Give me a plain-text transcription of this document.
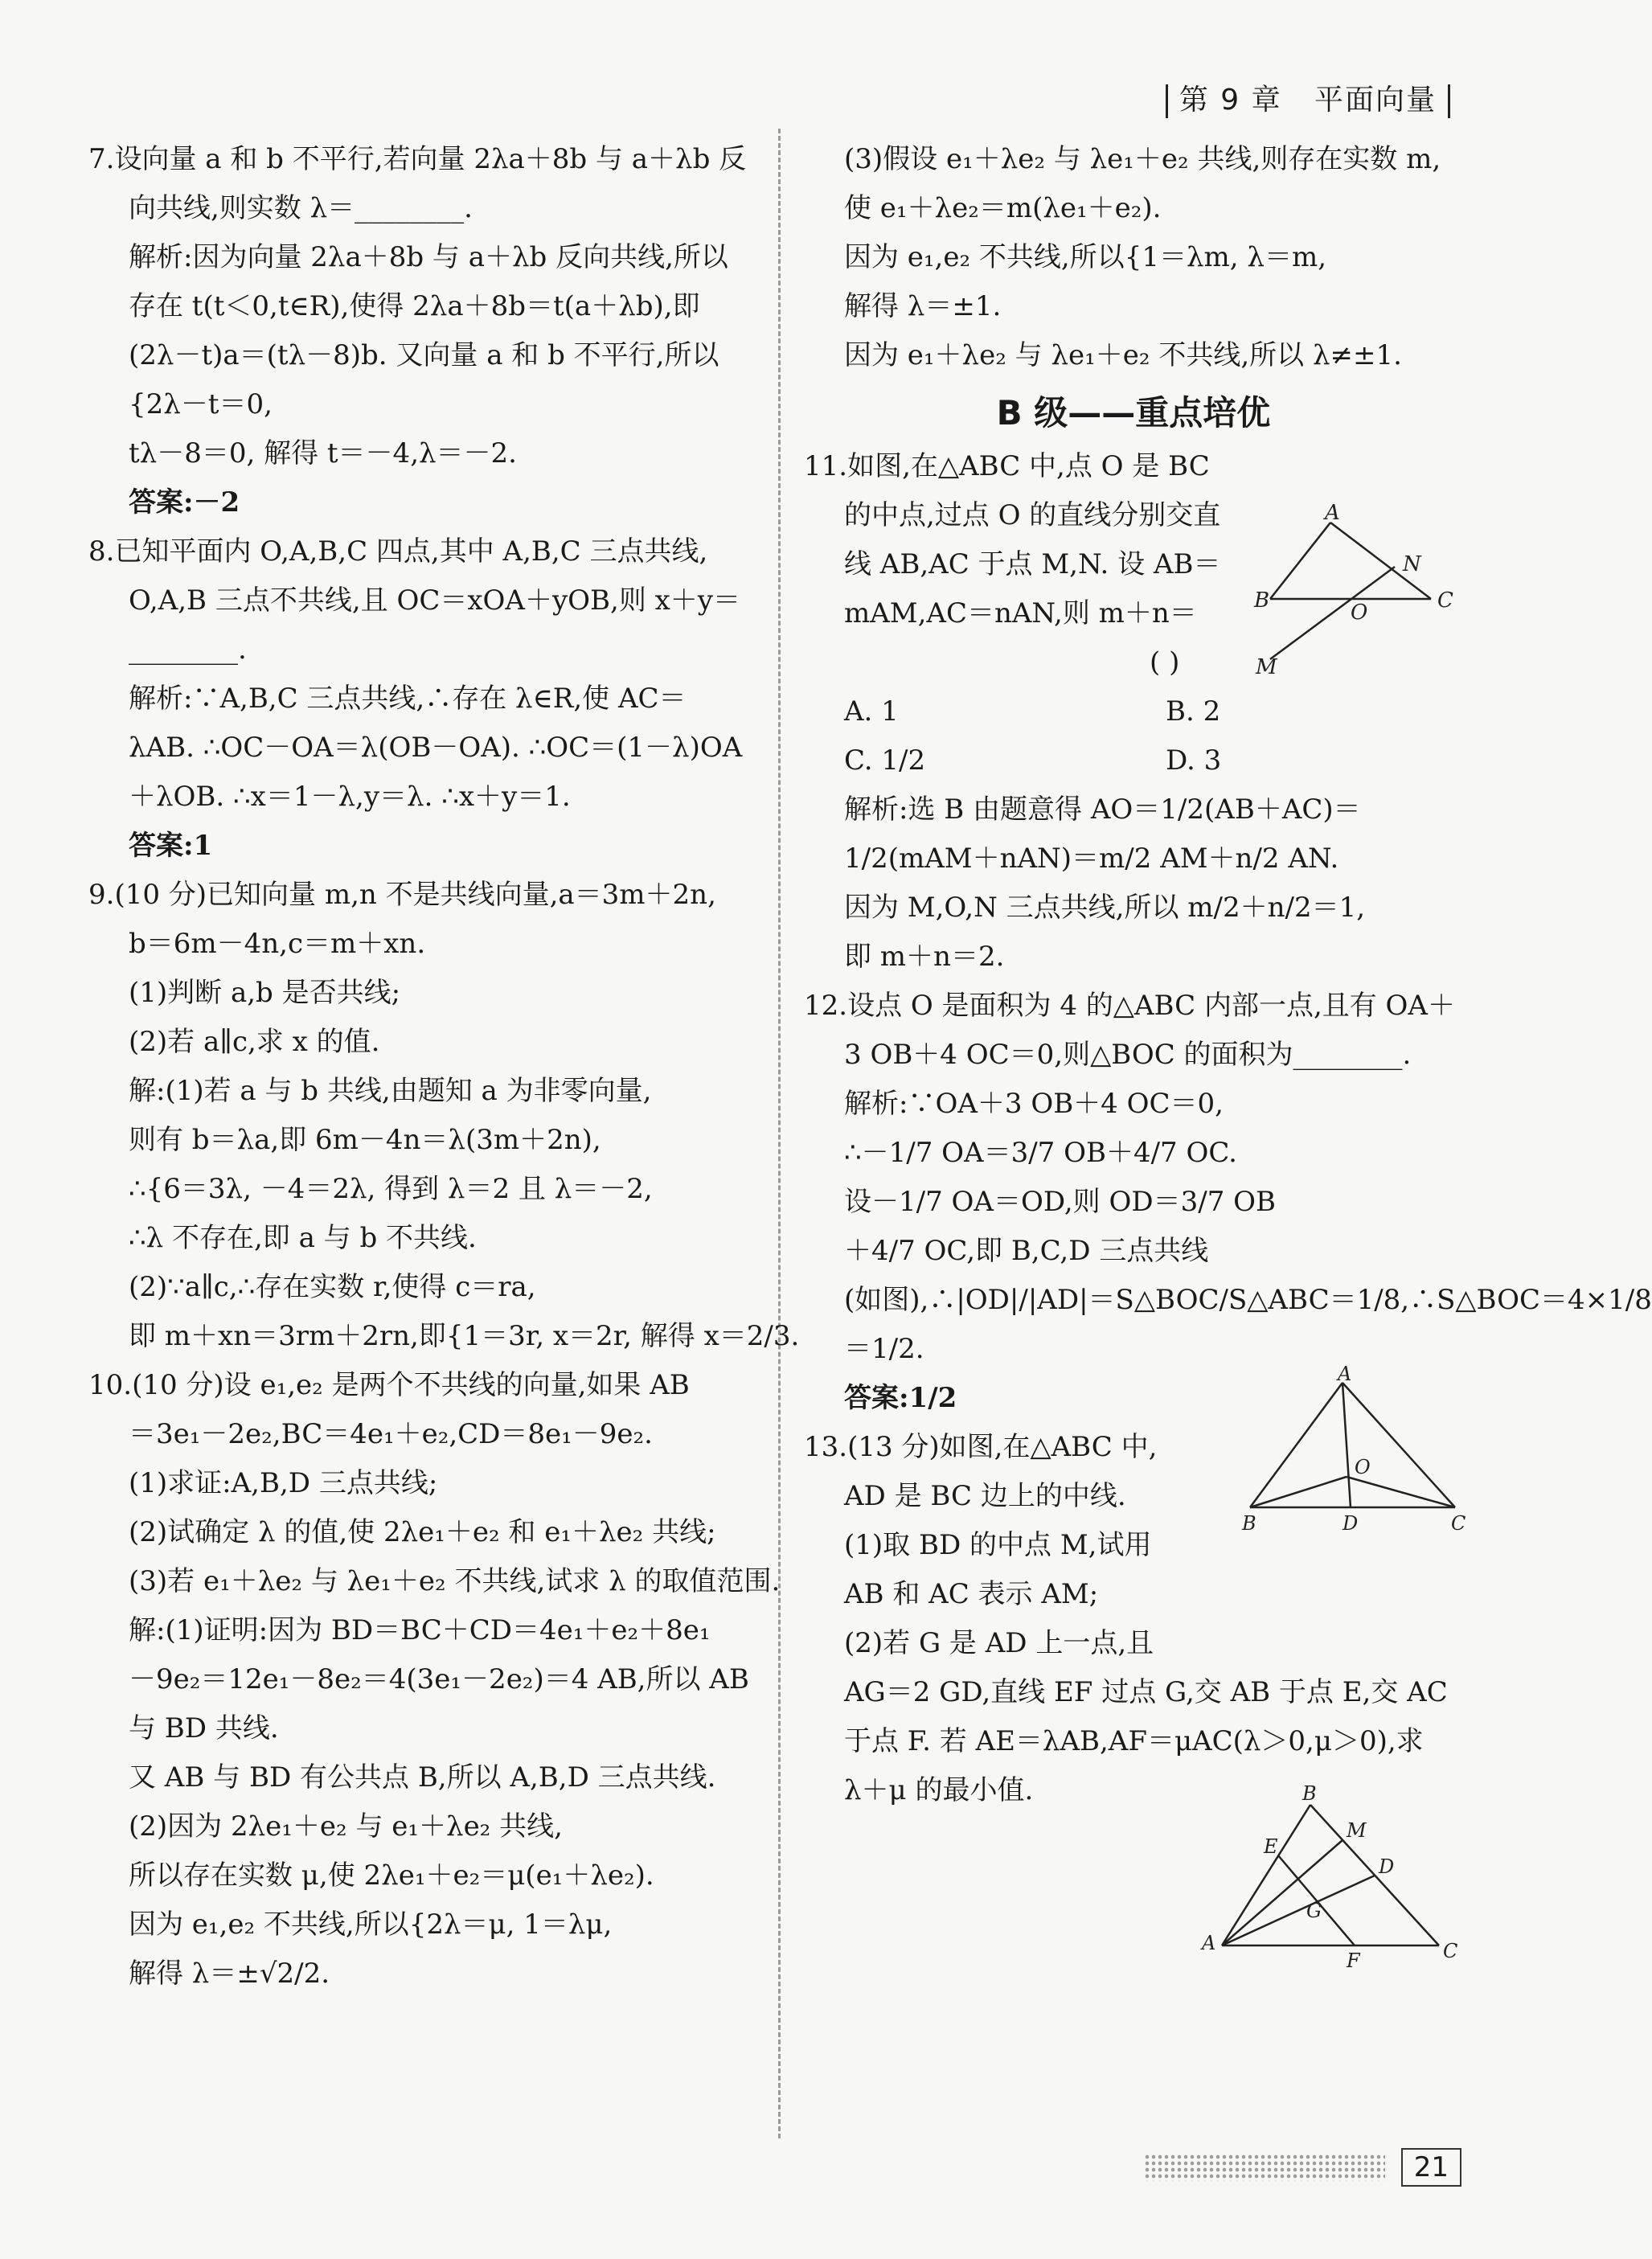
第 9 章 平面向量
7.设向量 a 和 b 不平行,若向量 2λa＋8b 与 a＋λb 反
向共线,则实数 λ＝________.
解析:因为向量 2λa＋8b 与 a＋λb 反向共线,所以
存在 t(t＜0,t∈R),使得 2λa＋8b＝t(a＋λb),即
(2λ－t)a＝(tλ－8)b. 又向量 a 和 b 不平行,所以
{2λ－t＝0,
tλ－8＝0, 解得 t＝－4,λ＝－2.
答案:－2
8.已知平面内 O,A,B,C 四点,其中 A,B,C 三点共线,
O,A,B 三点不共线,且 OC＝xOA＋yOB,则 x＋y＝
________.
解析:∵A,B,C 三点共线,∴存在 λ∈R,使 AC＝
λAB. ∴OC－OA＝λ(OB－OA). ∴OC＝(1－λ)OA
＋λOB. ∴x＝1－λ,y＝λ. ∴x＋y＝1.
答案:1
9.(10 分)已知向量 m,n 不是共线向量,a＝3m＋2n,
b＝6m－4n,c＝m＋xn.
(1)判断 a,b 是否共线;
(2)若 a∥c,求 x 的值.
解:(1)若 a 与 b 共线,由题知 a 为非零向量,
则有 b＝λa,即 6m－4n＝λ(3m＋2n),
∴{6＝3λ, －4＝2λ, 得到 λ＝2 且 λ＝－2,
∴λ 不存在,即 a 与 b 不共线.
(2)∵a∥c,∴存在实数 r,使得 c＝ra,
即 m＋xn＝3rm＋2rn,即{1＝3r, x＝2r, 解得 x＝2/3.
10.(10 分)设 e₁,e₂ 是两个不共线的向量,如果 AB
＝3e₁－2e₂,BC＝4e₁＋e₂,CD＝8e₁－9e₂.
(1)求证:A,B,D 三点共线;
(2)试确定 λ 的值,使 2λe₁＋e₂ 和 e₁＋λe₂ 共线;
(3)若 e₁＋λe₂ 与 λe₁＋e₂ 不共线,试求 λ 的取值范围.
解:(1)证明:因为 BD＝BC＋CD＝4e₁＋e₂＋8e₁
－9e₂＝12e₁－8e₂＝4(3e₁－2e₂)＝4 AB,所以 AB
与 BD 共线.
又 AB 与 BD 有公共点 B,所以 A,B,D 三点共线.
(2)因为 2λe₁＋e₂ 与 e₁＋λe₂ 共线,
所以存在实数 μ,使 2λe₁＋e₂＝μ(e₁＋λe₂).
因为 e₁,e₂ 不共线,所以{2λ＝μ, 1＝λμ,
解得 λ＝±√2/2.
(3)假设 e₁＋λe₂ 与 λe₁＋e₂ 共线,则存在实数 m,
使 e₁＋λe₂＝m(λe₁＋e₂).
因为 e₁,e₂ 不共线,所以{1＝λm, λ＝m,
解得 λ＝±1.
因为 e₁＋λe₂ 与 λe₁＋e₂ 不共线,所以 λ≠±1.
B 级——重点培优
11.如图,在△ABC 中,点 O 是 BC
的中点,过点 O 的直线分别交直
线 AB,AC 于点 M,N. 设 AB＝
mAM,AC＝nAN,则 m＋n＝
( )
A. 1	B. 2
C. 1/2	D. 3
解析:选 B 由题意得 AO＝1/2(AB＋AC)＝
1/2(mAM＋nAN)＝m/2 AM＋n/2 AN.
因为 M,O,N 三点共线,所以 m/2＋n/2＝1,
即 m＋n＝2.
12.设点 O 是面积为 4 的△ABC 内部一点,且有 OA＋
3 OB＋4 OC＝0,则△BOC 的面积为________.
解析:∵OA＋3 OB＋4 OC＝0,
∴－1/7 OA＝3/7 OB＋4/7 OC.
设－1/7 OA＝OD,则 OD＝3/7 OB
＋4/7 OC,即 B,C,D 三点共线
(如图),∴|OD|/|AD|＝S△BOC/S△ABC＝1/8,∴S△BOC＝4×1/8
＝1/2.
答案:1/2
13.(13 分)如图,在△ABC 中,
AD 是 BC 边上的中线.
(1)取 BD 的中点 M,试用
AB 和 AC 表示 AM;
(2)若 G 是 AD 上一点,且
AG＝2 GD,直线 EF 过点 G,交 AB 于点 E,交 AC
于点 F. 若 AE＝λAB,AF＝μAC(λ＞0,μ＞0),求
λ＋μ 的最小值.
A
N
B	O	C
M
A
O
B	D	C
B
E
M
D
G
A
F	C
21
